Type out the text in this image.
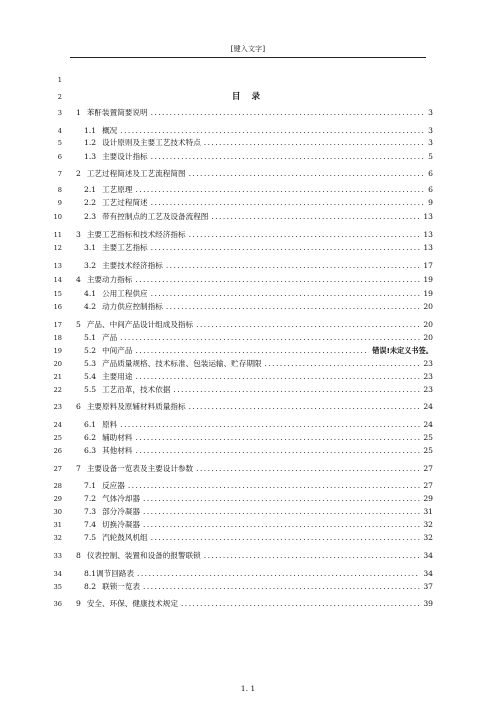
[键入文字]
1
2	目 录
3 1 苯酐装置简要说明 .....	3
4	1.1 概况 .....	3
5	1.2 设计原则及主要工艺技术特点 .....	3
6	1.3 主要设计指标 .....	5
7 2 工艺过程简述及工艺流程简图 .....	6
8	2.1 工艺原理 .....	6
9	2.2 工艺过程简述 .....	9
10	2.3 带有控制点的工艺及设备流程图 .....	13
11 3 主要工艺指标和技术经济指标 .....	13
12	3.1 主要工艺指标 .....	13
13	3.2 主要技术经济指标 .....	17
14 4 主要动力指标 .....	19
15	4.1 公用工程供应 .....	19
16	4.2 动力供应控制指标 .....	20
17 5 产品、中间产品设计组成及指标 .....	20
18	5.1 产品 .....	20
19	5.2 中间产品 .....	错误!未定义书签。
20	5.3 产品质量规格、技术标准、包装运输、贮存期限 .....	23
21	5.4 主要用途 .....	23
22	5.5 工艺沿革，技术依据 .....	23
23 6 主要原料及原辅材料质量指标 .....	24
24	6.1 原料 .....	24
25	6.2 辅助材料 .....	25
26	6.3 其他材料 .....	25
27 7 主要设备一览表及主要设计参数 .....	27
28	7.1 反应器 .....	27
29	7.2 气体冷却器 .....	29
30	7.3 部分冷凝器 .....	31
31	7.4 切换冷凝器 .....	32
32	7.5 汽轮鼓风机组 .....	32
33 8 仪表控制、装置和设备的报警联锁 .....	34
34	8.1 调节回路表 .....	34
35	8.2 联锁一览表 .....	37
36 9 安全、环保、健康技术规定 .....	39
1. 1
